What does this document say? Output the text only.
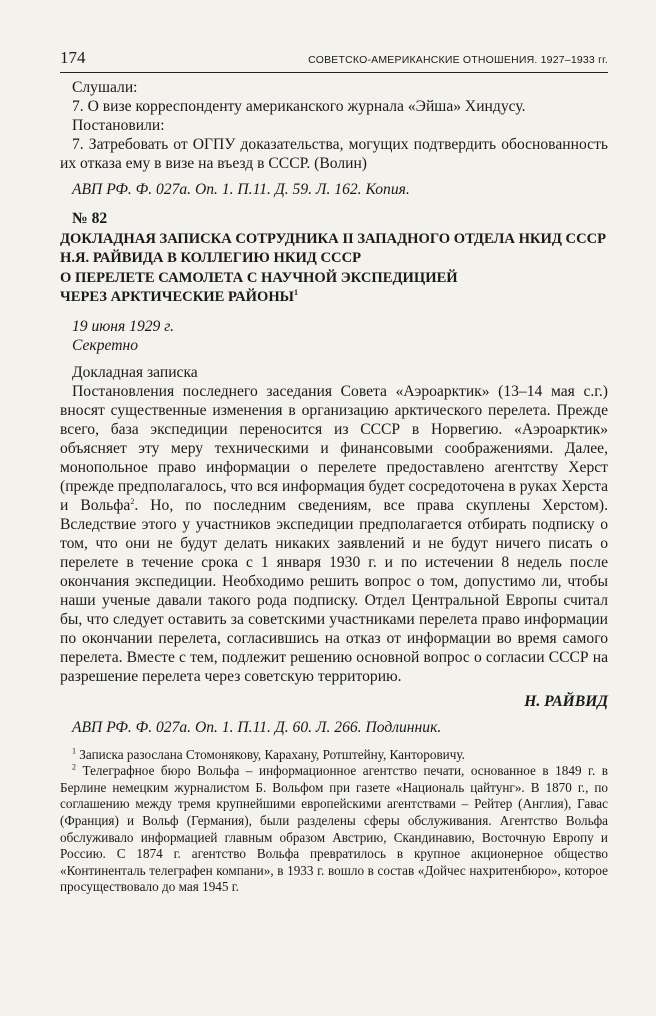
174	СОВЕТСКО-АМЕРИКАНСКИЕ ОТНОШЕНИЯ. 1927–1933 гг.

Слушали:

7. О визе корреспонденту американского журнала «Эйша» Хиндусу.

Постановили:

7. Затребовать от ОГПУ доказательства, могущих подтвердить обоснованность их отказа ему в визе на въезд в СССР. (Волин)

АВП РФ. Ф. 027а. Оп. 1. П.11. Д. 59. Л. 162. Копия.

№ 82

ДОКЛАДНАЯ ЗАПИСКА СОТРУДНИКА II ЗАПАДНОГО ОТДЕЛА НКИД СССР

Н.Я. РАЙВИДА В КОЛЛЕГИЮ НКИД СССР

О ПЕРЕЛЕТЕ САМОЛЕТА С НАУЧНОЙ ЭКСПЕДИЦИЕЙ

ЧЕРЕЗ АРКТИЧЕСКИЕ РАЙОНЫ$^1$

19 июня 1929 г.

Секретно

Докладная записка

Постановления последнего заседания Совета «Аэроарктик» (13–14 мая с.г.) вносят существенные изменения в организацию арктического перелета. Прежде всего, база экспедиции переносится из СССР в Норвегию. «Аэроарктик» объясняет эту меру техническими и финансовыми соображениями. Далее, монопольное право информации о перелете предоставлено агентству Херст (прежде предполагалось, что вся информация будет сосредоточена в руках Херста и Вольфа$^2$. Но, по последним сведениям, все права скуплены Херстом). Вследствие этого у участников экспедиции предполагается отбирать подписку о том, что они не будут делать никаких заявлений и не будут ничего писать о перелете в течение срока с 1 января 1930 г. и по истечении 8 недель после окончания экспедиции. Необходимо решить вопрос о том, допустимо ли, чтобы наши ученые давали такого рода подписку. Отдел Центральной Европы считал бы, что следует оставить за советскими участниками перелета право информации по окончании перелета, согласившись на отказ от информации во время самого перелета. Вместе с тем, подлежит решению основной вопрос о согласии СССР на разрешение перелета через советскую территорию.

Н. РАЙВИД

АВП РФ. Ф. 027а. Оп. 1. П.11. Д. 60. Л. 266. Подлинник.

$^1$ Записка разослана Стомонякову, Карахану, Ротштейну, Канторовичу.

$^2$ Телеграфное бюро Вольфа – информационное агентство печати, основанное в 1849 г. в Берлине немецким журналистом Б. Вольфом при газете «Националь цайтунг». В 1870 г., по соглашению между тремя крупнейшими европейскими агентствами – Рейтер (Англия), Гавас (Франция) и Вольф (Германия), были разделены сферы обслуживания. Агентство Вольфа обслуживало информацией главным образом Австрию, Скандинавию, Восточную Европу и Россию. С 1874 г. агентство Вольфа превратилось в крупное акционерное общество «Континенталь телеграфен компани», в 1933 г. вошло в состав «Дойчес нахритенбюро», которое просуществовало до мая 1945 г.
